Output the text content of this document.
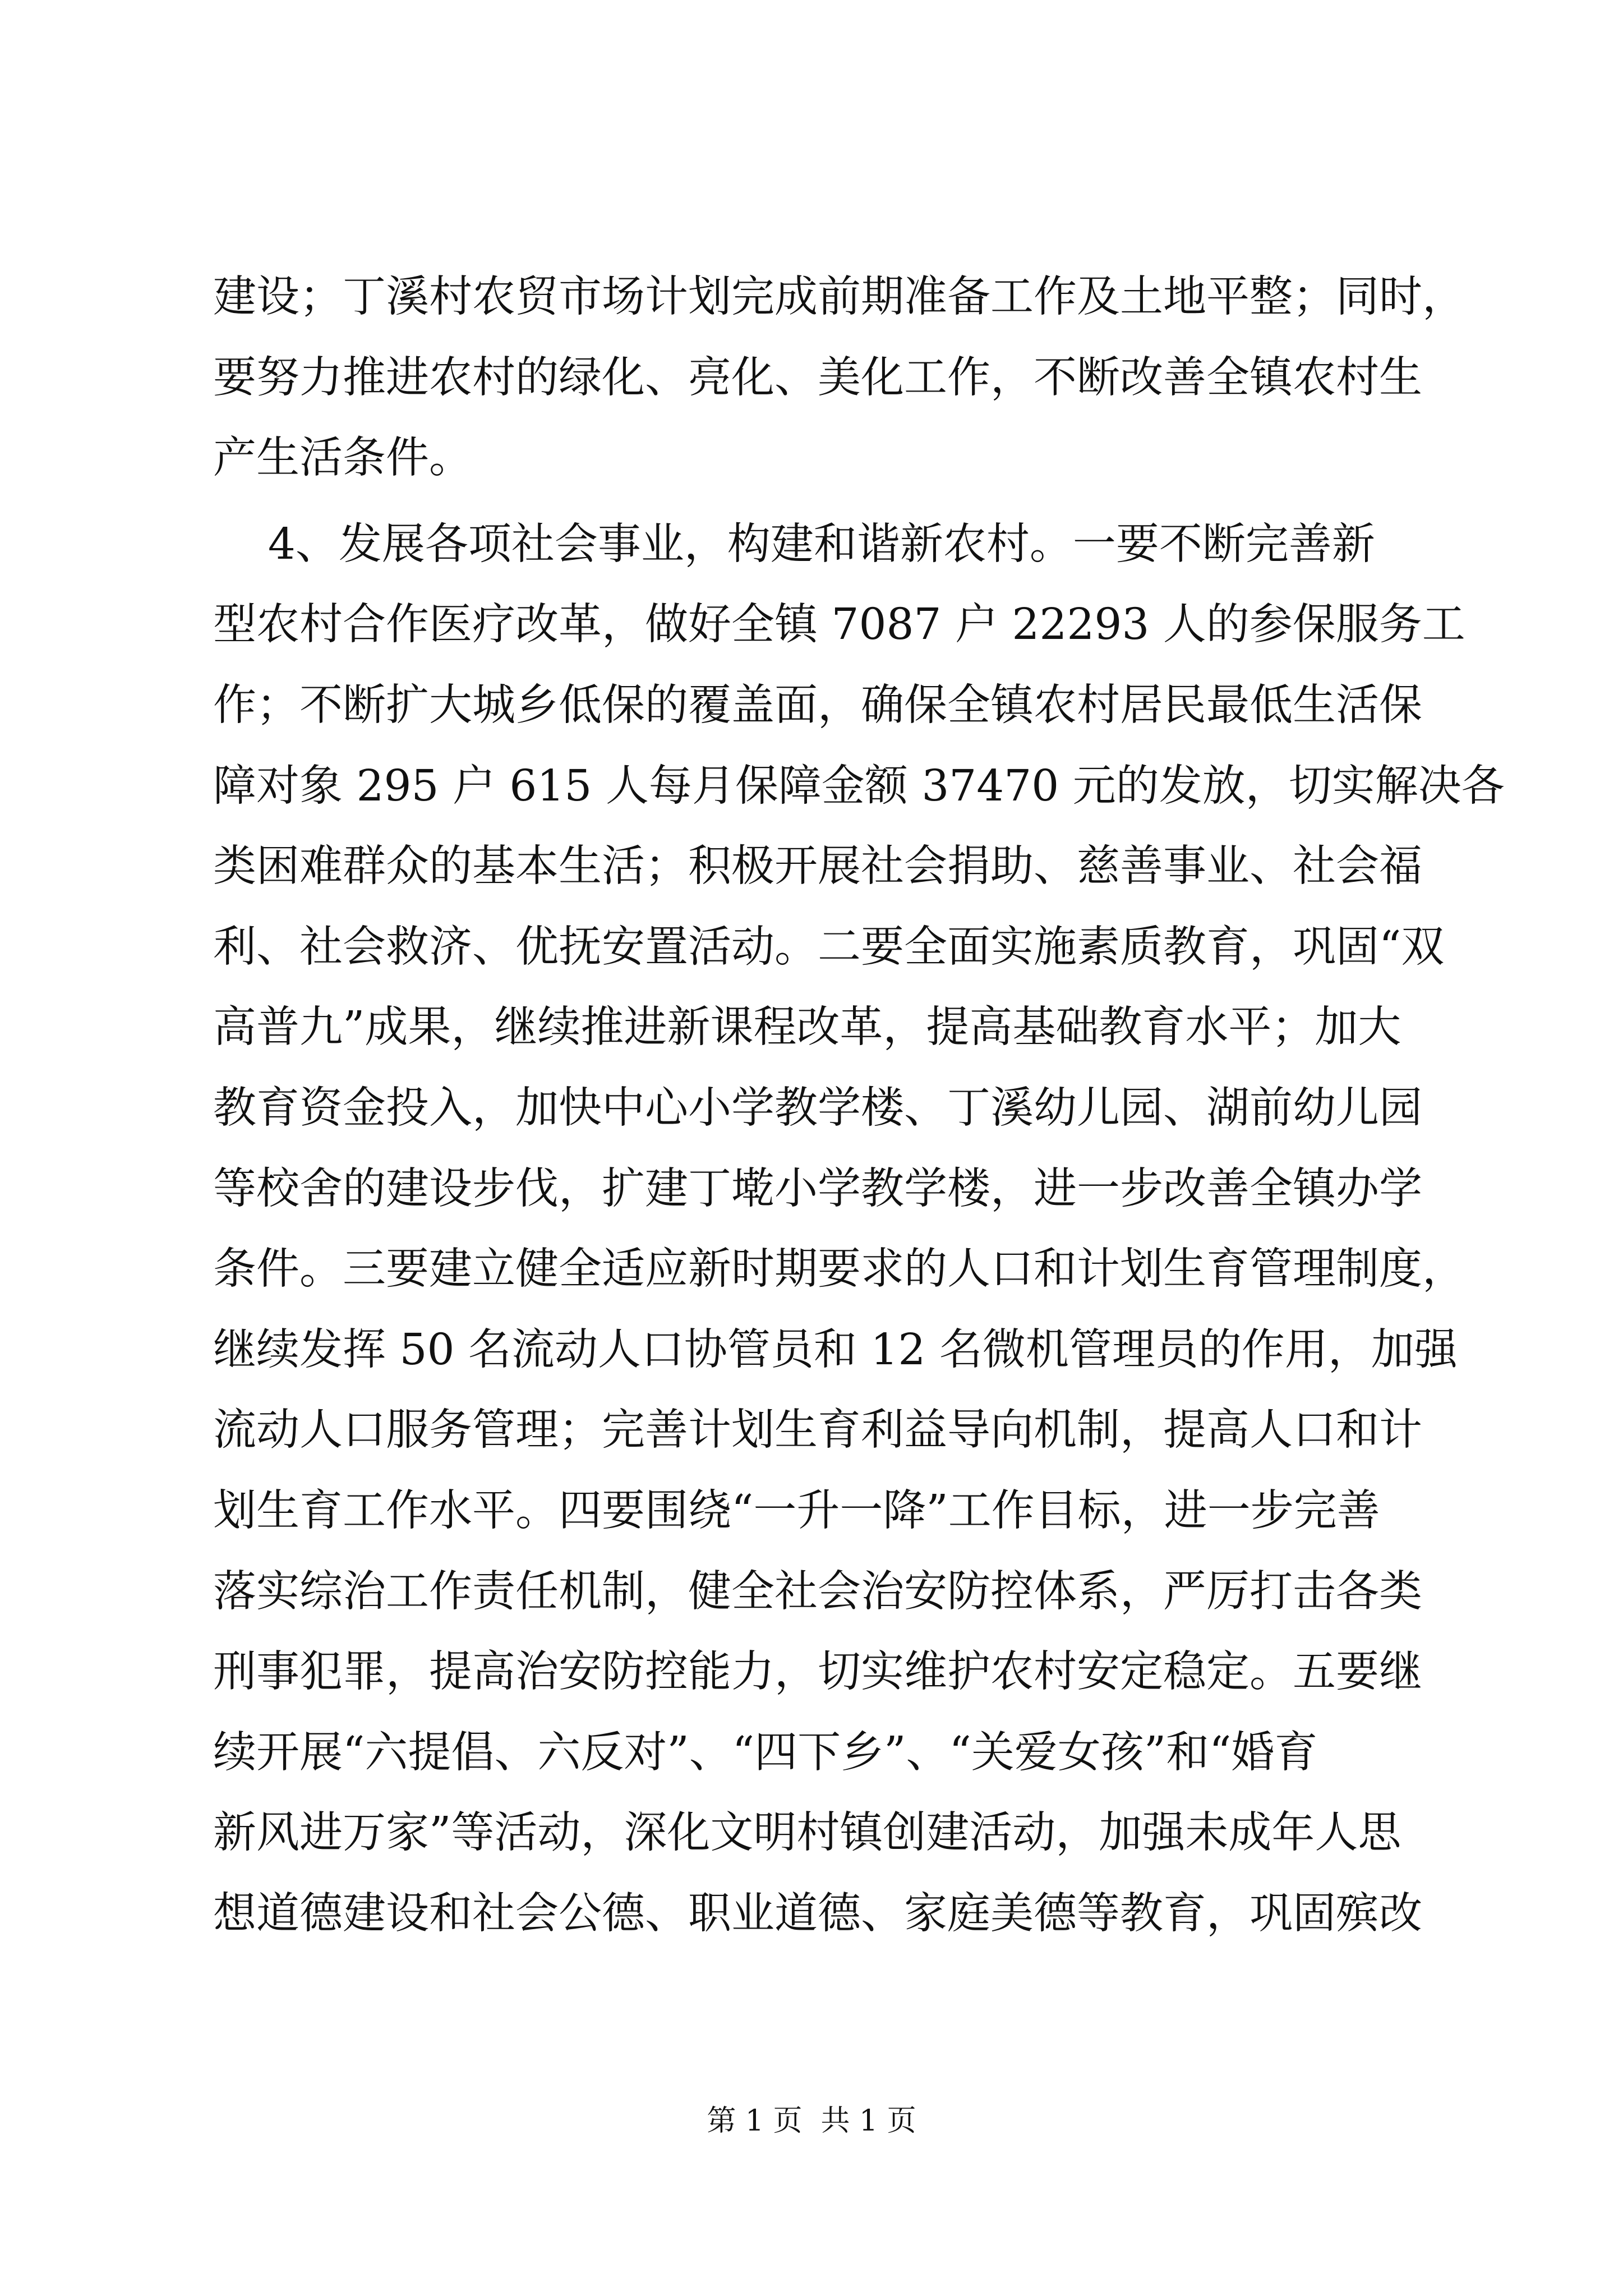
建设；丁溪村农贸市场计划完成前期准备工作及土地平整；同时，
要努力推进农村的绿化、亮化、美化工作，不断改善全镇农村生
产生活条件。
4、发展各项社会事业，构建和谐新农村。一要不断完善新
型农村合作医疗改革，做好全镇 7087 户 22293 人的参保服务工
作；不断扩大城乡低保的覆盖面，确保全镇农村居民最低生活保
障对象 295 户 615 人每月保障金额 37470 元的发放，切实解决各
类困难群众的基本生活；积极开展社会捐助、慈善事业、社会福
利、社会救济、优抚安置活动。二要全面实施素质教育，巩固“双
高普九”成果，继续推进新课程改革，提高基础教育水平；加大
教育资金投入，加快中心小学教学楼、丁溪幼儿园、湖前幼儿园
等校舍的建设步伐，扩建丁墘小学教学楼，进一步改善全镇办学
条件。三要建立健全适应新时期要求的人口和计划生育管理制度，
继续发挥 50 名流动人口协管员和 12 名微机管理员的作用，加强
流动人口服务管理；完善计划生育利益导向机制，提高人口和计
划生育工作水平。四要围绕“一升一降”工作目标，进一步完善
落实综治工作责任机制，健全社会治安防控体系，严厉打击各类
刑事犯罪，提高治安防控能力，切实维护农村安定稳定。五要继
续开展“六提倡、六反对”、“四下乡”、“关爱女孩”和“婚育
新风进万家”等活动，深化文明村镇创建活动，加强未成年人思
想道德建设和社会公德、职业道德、家庭美德等教育，巩固殡改
第 1 页  共 1 页
